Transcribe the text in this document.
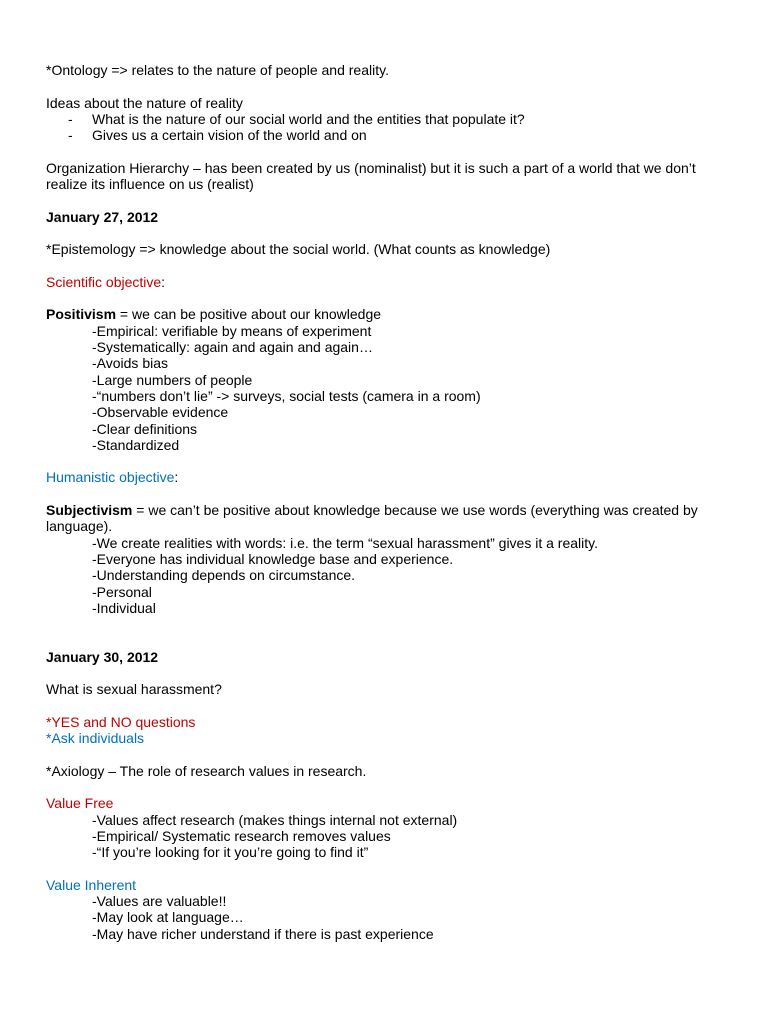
*Ontology => relates to the nature of people and reality.
Ideas about the nature of reality
- What is the nature of our social world and the entities that populate it?
- Gives us a certain vision of the world and on
Organization Hierarchy – has been created by us (nominalist) but it is such a part of a world that we don’t realize its influence on us (realist)
January 27, 2012
*Epistemology => knowledge about the social world. (What counts as knowledge)
Scientific objective:
Positivism = we can be positive about our knowledge
-Empirical: verifiable by means of experiment
-Systematically: again and again and again…
-Avoids bias
-Large numbers of people
-“numbers don’t lie” -> surveys, social tests (camera in a room)
-Observable evidence
-Clear definitions
-Standardized
Humanistic objective:
Subjectivism = we can’t be positive about knowledge because we use words (everything was created by language).
-We create realities with words: i.e. the term “sexual harassment” gives it a reality.
-Everyone has individual knowledge base and experience.
-Understanding depends on circumstance.
-Personal
-Individual
January 30, 2012
What is sexual harassment?
*YES and NO questions
*Ask individuals
*Axiology – The role of research values in research.
Value Free
-Values affect research (makes things internal not external)
-Empirical/ Systematic research removes values
-“If you’re looking for it you’re going to find it”
Value Inherent
-Values are valuable!!
-May look at language…
-May have richer understand if there is past experience
